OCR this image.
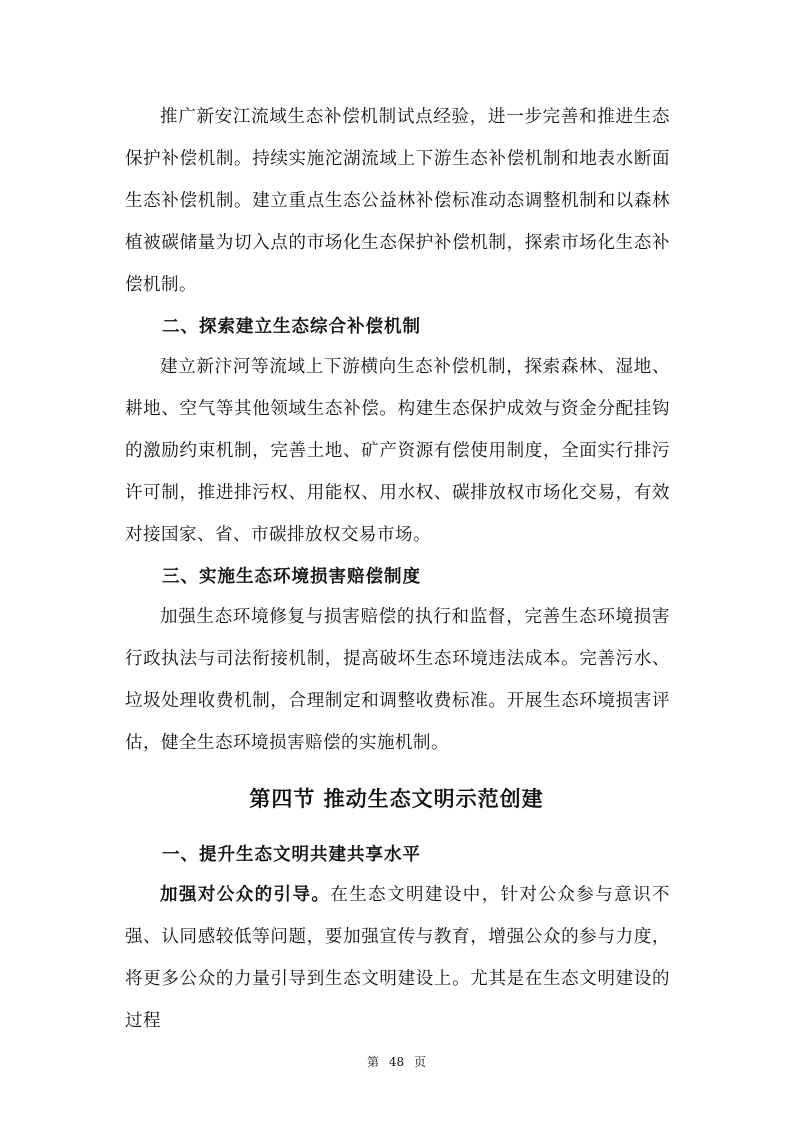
推广新安江流域生态补偿机制试点经验，进一步完善和推进生态保护补偿机制。持续实施沱湖流域上下游生态补偿机制和地表水断面生态补偿机制。建立重点生态公益林补偿标准动态调整机制和以森林植被碳储量为切入点的市场化生态保护补偿机制，探索市场化生态补偿机制。

二、探索建立生态综合补偿机制

建立新汴河等流域上下游横向生态补偿机制，探索森林、湿地、耕地、空气等其他领域生态补偿。构建生态保护成效与资金分配挂钩的激励约束机制，完善土地、矿产资源有偿使用制度，全面实行排污许可制，推进排污权、用能权、用水权、碳排放权市场化交易，有效对接国家、省、市碳排放权交易市场。

三、实施生态环境损害赔偿制度

加强生态环境修复与损害赔偿的执行和监督，完善生态环境损害行政执法与司法衔接机制，提高破坏生态环境违法成本。完善污水、垃圾处理收费机制，合理制定和调整收费标准。开展生态环境损害评估，健全生态环境损害赔偿的实施机制。

第四节 推动生态文明示范创建
一、提升生态文明共建共享水平

加强对公众的引导。在生态文明建设中，针对公众参与意识不强、认同感较低等问题，要加强宣传与教育，增强公众的参与力度，将更多公众的力量引导到生态文明建设上。尤其是在生态文明建设的过程

第 48 页
